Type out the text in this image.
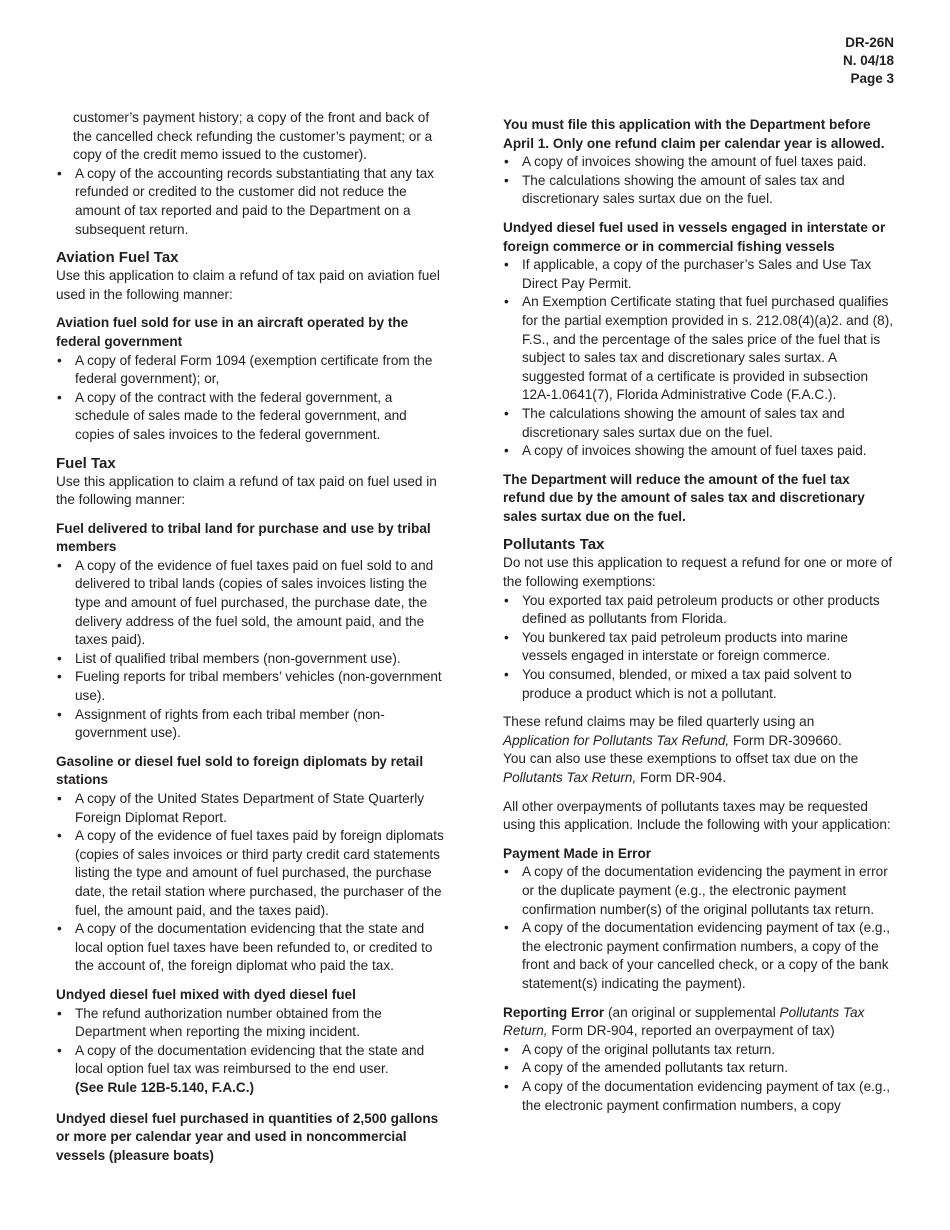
DR-26N
N. 04/18
Page 3

customer’s payment history; a copy of the front and back of the cancelled check refunding the customer’s payment; or a copy of the credit memo issued to the customer).

• A copy of the accounting records substantiating that any tax refunded or credited to the customer did not reduce the amount of tax reported and paid to the Department on a subsequent return.
Aviation Fuel Tax

Use this application to claim a refund of tax paid on aviation fuel used in the following manner:

Aviation fuel sold for use in an aircraft operated by the federal government
• A copy of federal Form 1094 (exemption certificate from the federal government); or,
• A copy of the contract with the federal government, a schedule of sales made to the federal government, and copies of sales invoices to the federal government.
Fuel Tax

Use this application to claim a refund of tax paid on fuel used in the following manner:

Fuel delivered to tribal land for purchase and use by tribal members
• A copy of the evidence of fuel taxes paid on fuel sold to and delivered to tribal lands (copies of sales invoices listing the type and amount of fuel purchased, the purchase date, the delivery address of the fuel sold, the amount paid, and the taxes paid).
• List of qualified tribal members (non-government use).
• Fueling reports for tribal members’ vehicles (non-government use).
• Assignment of rights from each tribal member (non-government use).
Gasoline or diesel fuel sold to foreign diplomats by retail stations
• A copy of the United States Department of State Quarterly Foreign Diplomat Report.
• A copy of the evidence of fuel taxes paid by foreign diplomats (copies of sales invoices or third party credit card statements listing the type and amount of fuel purchased, the purchase date, the retail station where purchased, the purchaser of the fuel, the amount paid, and the taxes paid).
• A copy of the documentation evidencing that the state and local option fuel taxes have been refunded to, or credited to the account of, the foreign diplomat who paid the tax.
Undyed diesel fuel mixed with dyed diesel fuel
• The refund authorization number obtained from the Department when reporting the mixing incident.
• A copy of the documentation evidencing that the state and local option fuel tax was reimbursed to the end user.
(See Rule 12B-5.140, F.A.C.)
Undyed diesel fuel purchased in quantities of 2,500 gallons or more per calendar year and used in noncommercial vessels (pleasure boats)

You must file this application with the Department before April 1. Only one refund claim per calendar year is allowed.

• A copy of invoices showing the amount of fuel taxes paid.
• The calculations showing the amount of sales tax and discretionary sales surtax due on the fuel.
Undyed diesel fuel used in vessels engaged in interstate or foreign commerce or in commercial fishing vessels
• If applicable, a copy of the purchaser’s Sales and Use Tax Direct Pay Permit.
• An Exemption Certificate stating that fuel purchased qualifies for the partial exemption provided in s. 212.08(4)(a)2. and (8), F.S., and the percentage of the sales price of the fuel that is subject to sales tax and discretionary sales surtax. A suggested format of a certificate is provided in subsection 12A-1.0641(7), Florida Administrative Code (F.A.C.).
• The calculations showing the amount of sales tax and discretionary sales surtax due on the fuel.
• A copy of invoices showing the amount of fuel taxes paid.

The Department will reduce the amount of the fuel tax refund due by the amount of sales tax and discretionary sales surtax due on the fuel.

Pollutants Tax

Do not use this application to request a refund for one or more of the following exemptions:

• You exported tax paid petroleum products or other products defined as pollutants from Florida.
• You bunkered tax paid petroleum products into marine vessels engaged in interstate or foreign commerce.
• You consumed, blended, or mixed a tax paid solvent to produce a product which is not a pollutant.

These refund claims may be filed quarterly using an
Application for Pollutants Tax Refund, Form DR-309660.

You can also use these exemptions to offset tax due on the
Pollutants Tax Return, Form DR-904.

All other overpayments of pollutants taxes may be requested using this application. Include the following with your application:

Payment Made in Error
• A copy of the documentation evidencing the payment in error or the duplicate payment (e.g., the electronic payment confirmation number(s) of the original pollutants tax return.
• A copy of the documentation evidencing payment of tax (e.g., the electronic payment confirmation numbers, a copy of the front and back of your cancelled check, or a copy of the bank statement(s) indicating the payment).

Reporting Error (an original or supplemental Pollutants Tax Return, Form DR-904, reported an overpayment of tax)

• A copy of the original pollutants tax return.
• A copy of the amended pollutants tax return.
• A copy of the documentation evidencing payment of tax (e.g., the electronic payment confirmation numbers, a copy
